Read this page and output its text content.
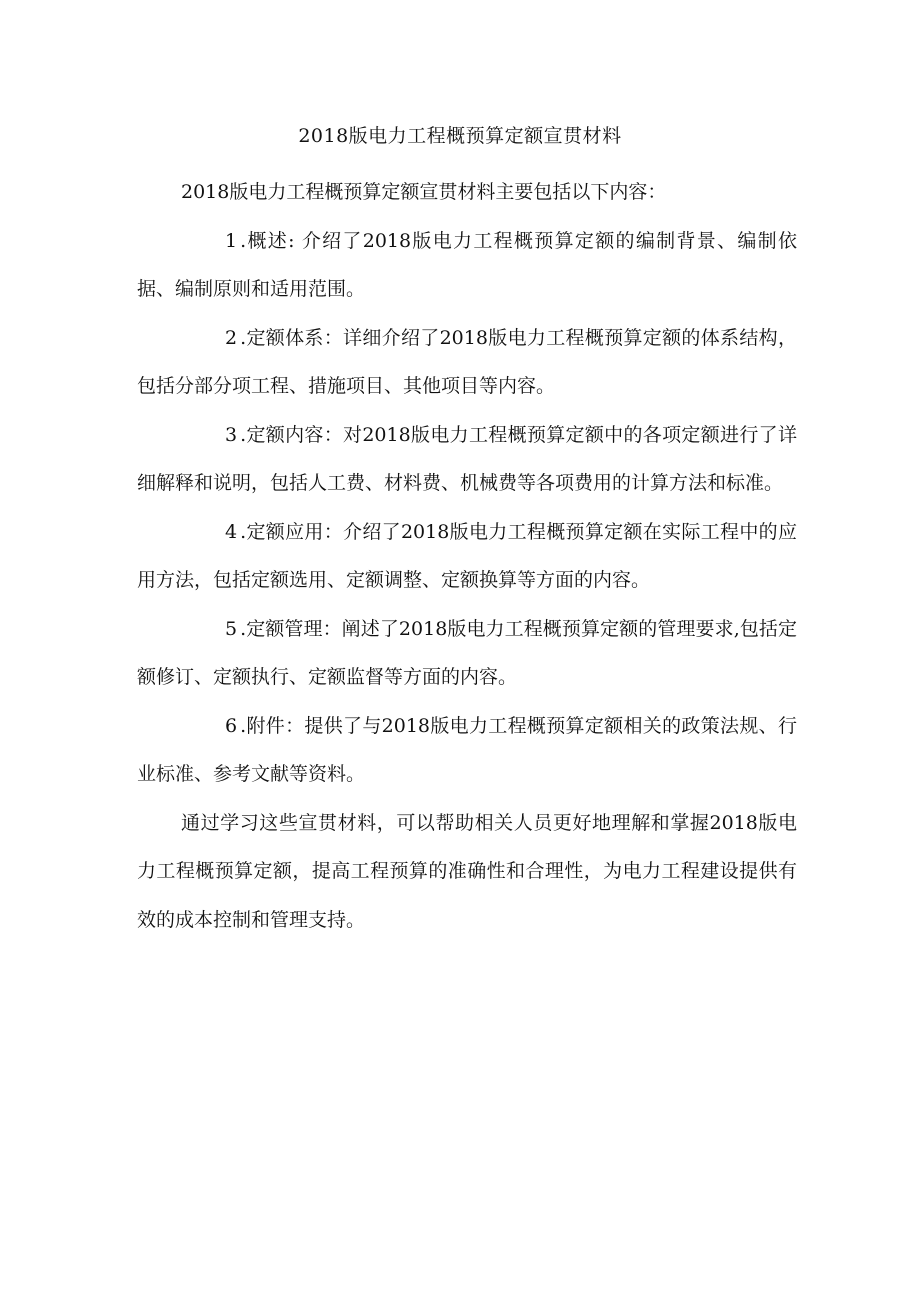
2018版电力工程概预算定额宣贯材料

2018版电力工程概预算定额宣贯材料主要包括以下内容：

1 .概述: 介绍了2018版电力工程概预算定额的编制背景、编制依据、编制原则和适用范围。

2 .定额体系：详细介绍了2018版电力工程概预算定额的体系结构，包括分部分项工程、措施项目、其他项目等内容。

3 .定额内容：对2018版电力工程概预算定额中的各项定额进行了详细解释和说明，包括人工费、材料费、机械费等各项费用的计算方法和标准。

4 .定额应用：介绍了2018版电力工程概预算定额在实际工程中的应用方法，包括定额选用、定额调整、定额换算等方面的内容。

5 .定额管理：阐述了2018版电力工程概预算定额的管理要求,包括定额修订、定额执行、定额监督等方面的内容。

6 .附件：提供了与2018版电力工程概预算定额相关的政策法规、行业标准、参考文献等资料。

通过学习这些宣贯材料，可以帮助相关人员更好地理解和掌握2018版电力工程概预算定额，提高工程预算的准确性和合理性，为电力工程建设提供有效的成本控制和管理支持。
